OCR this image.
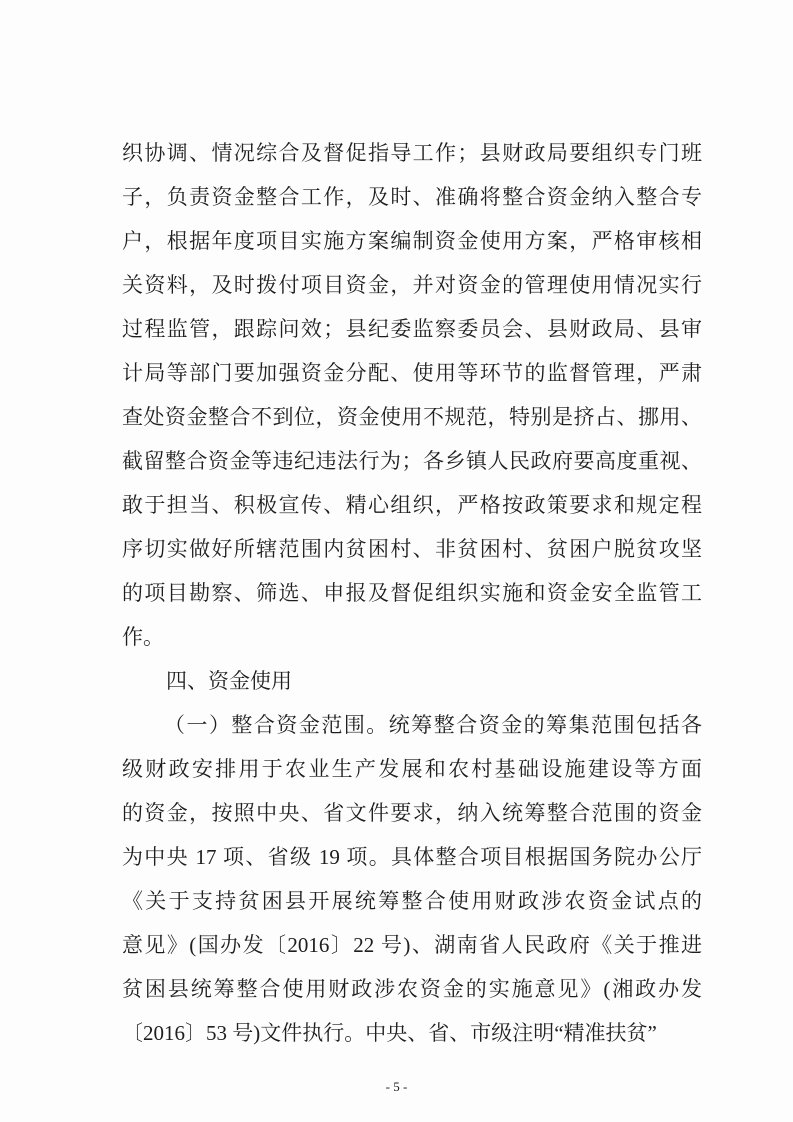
织协调、情况综合及督促指导工作；县财政局要组织专门班
子，负责资金整合工作，及时、准确将整合资金纳入整合专
户，根据年度项目实施方案编制资金使用方案，严格审核相
关资料，及时拨付项目资金，并对资金的管理使用情况实行
过程监管，跟踪问效；县纪委监察委员会、县财政局、县审
计局等部门要加强资金分配、使用等环节的监督管理，严肃
查处资金整合不到位，资金使用不规范，特别是挤占、挪用、
截留整合资金等违纪违法行为；各乡镇人民政府要高度重视、
敢于担当、积极宣传、精心组织，严格按政策要求和规定程
序切实做好所辖范围内贫困村、非贫困村、贫困户脱贫攻坚
的项目勘察、筛选、申报及督促组织实施和资金安全监管工
作。
四、资金使用
（一）整合资金范围。统筹整合资金的筹集范围包括各
级财政安排用于农业生产发展和农村基础设施建设等方面
的资金，按照中央、省文件要求，纳入统筹整合范围的资金
为中央 17 项、省级 19 项。具体整合项目根据国务院办公厅
《关于支持贫困县开展统筹整合使用财政涉农资金试点的
意见》(国办发〔2016〕22 号)、湖南省人民政府《关于推进
贫困县统筹整合使用财政涉农资金的实施意见》(湘政办发
〔2016〕53 号)文件执行。中央、省、市级注明“精准扶贫”
- 5 -
